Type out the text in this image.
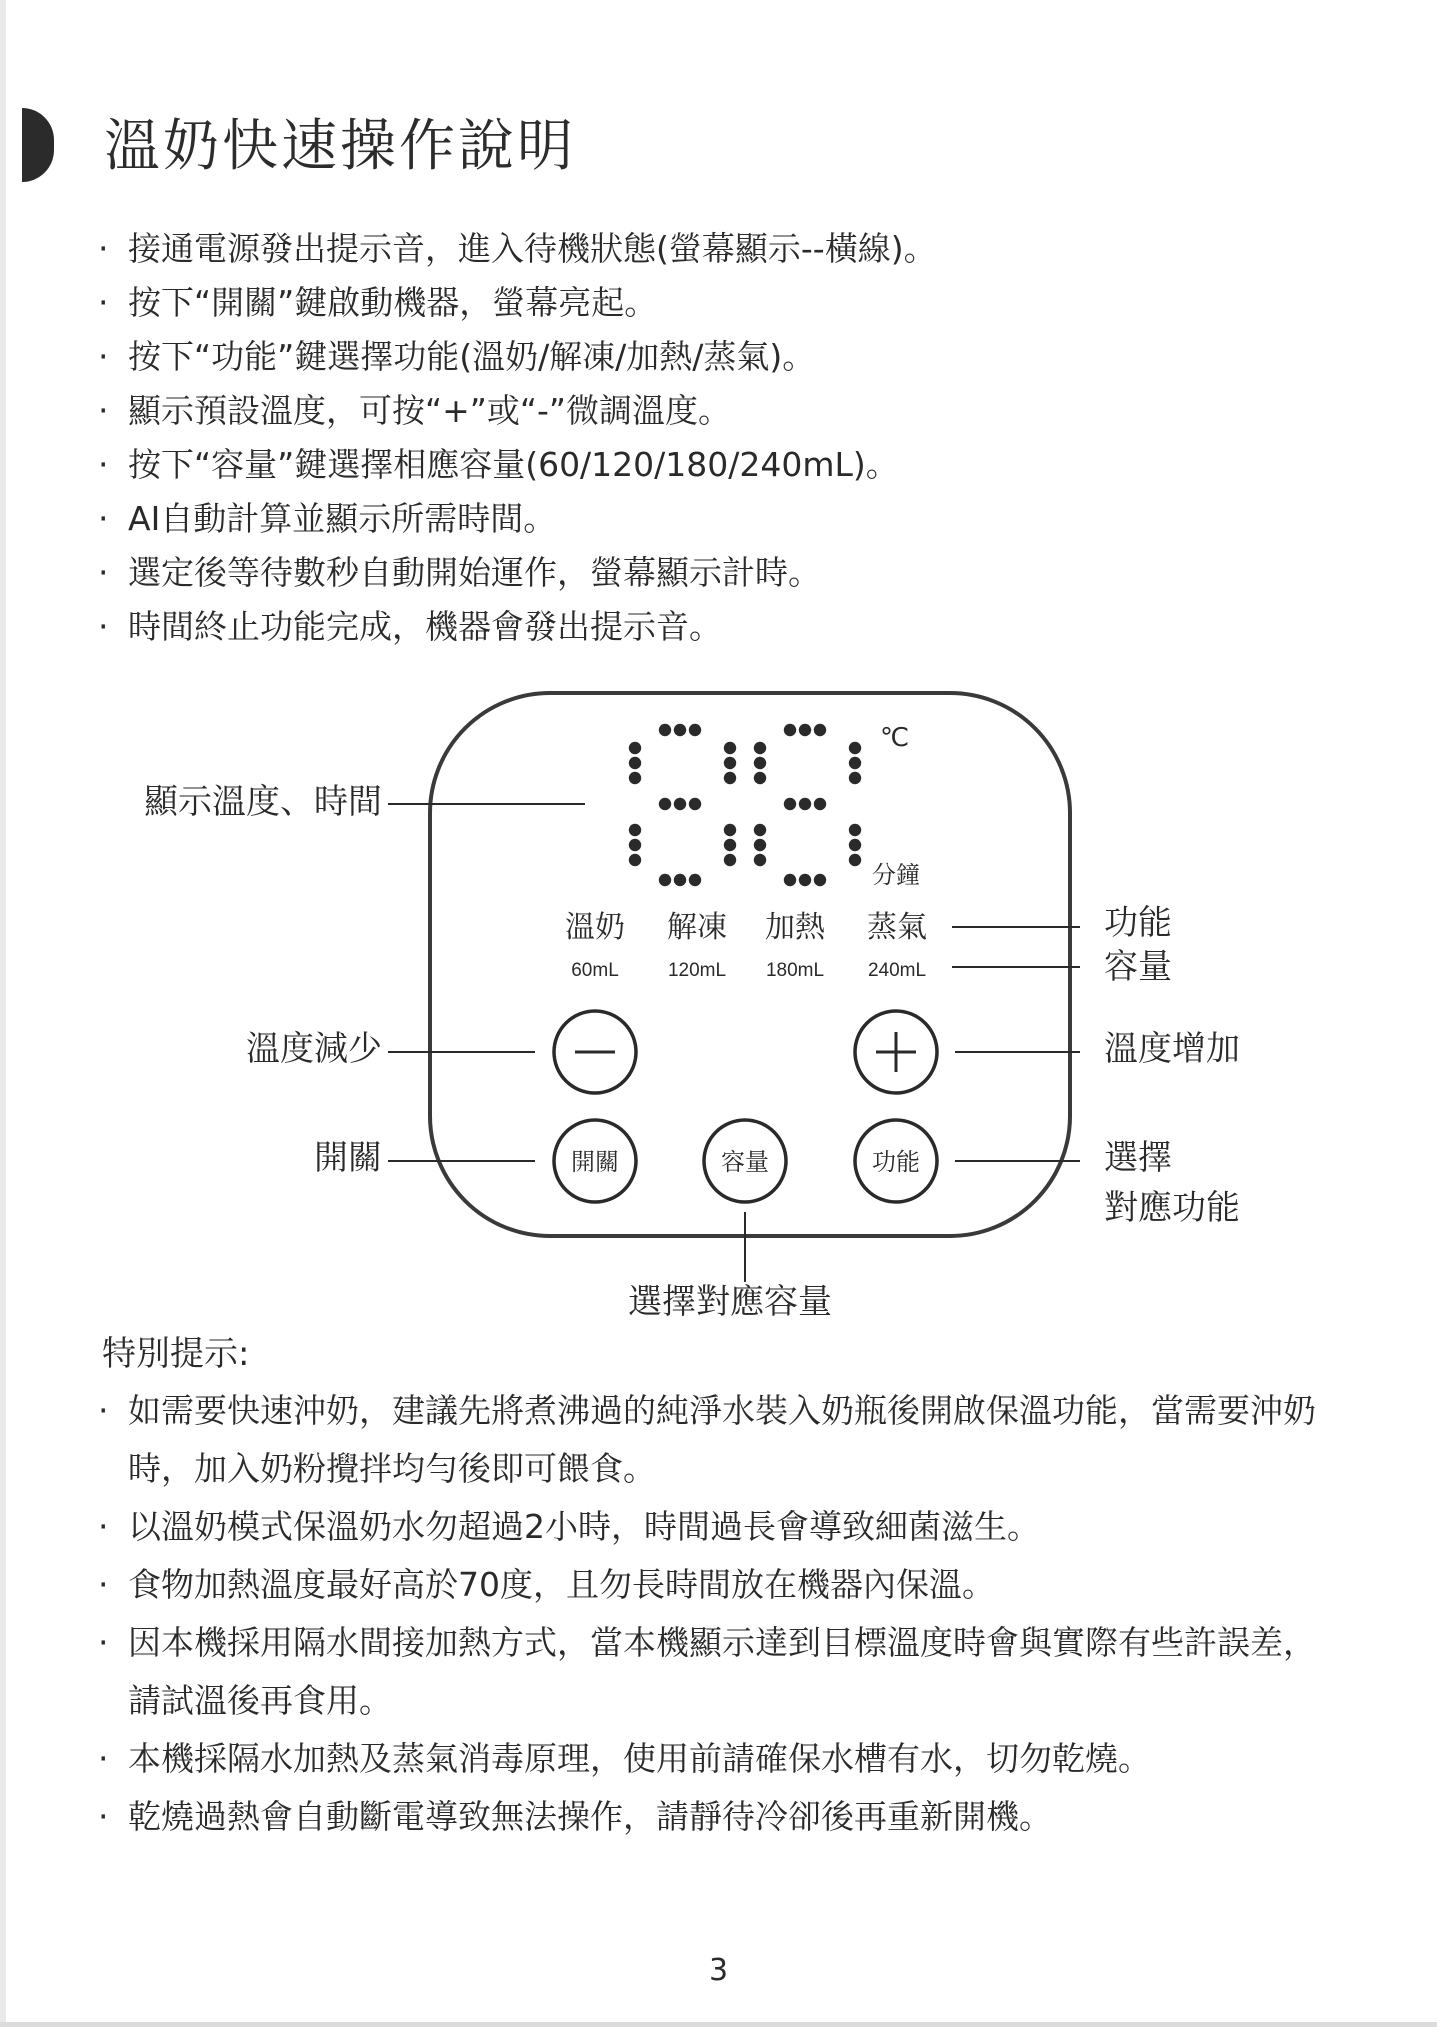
溫奶快速操作說明
· 接通電源發出提示音，進入待機狀態(螢幕顯示--橫線)。
· 按下“開關”鍵啟動機器，螢幕亮起。
· 按下“功能”鍵選擇功能(溫奶/解凍/加熱/蒸氣)。
· 顯示預設溫度，可按“+”或“-”微調溫度。
· 按下“容量”鍵選擇相應容量(60/120/180/240mL)。
· AI自動計算並顯示所需時間。
· 選定後等待數秒自動開始運作，螢幕顯示計時。
· 時間終止功能完成，機器會發出提示音。
℃
分鐘
溫奶 解凍 加熱 蒸氣
60mL	120mL 180mL 240mL
開關	容量	功能
顯示溫度、時間
功能
容量
溫度減少	溫度增加
開關	選擇
對應功能
選擇對應容量
特別提示:
· 如需要快速沖奶，建議先將煮沸過的純淨水裝入奶瓶後開啟保溫功能，當需要沖奶時，加入奶粉攪拌均勻後即可餵食。
· 以溫奶模式保溫奶水勿超過2小時，時間過長會導致細菌滋生。
· 食物加熱溫度最好高於70度，且勿長時間放在機器內保溫。
· 因本機採用隔水間接加熱方式，當本機顯示達到目標溫度時會與實際有些許誤差，請試溫後再食用。
· 本機採隔水加熱及蒸氣消毒原理，使用前請確保水槽有水，切勿乾燒。
· 乾燒過熱會自動斷電導致無法操作，請靜待冷卻後再重新開機。
3
